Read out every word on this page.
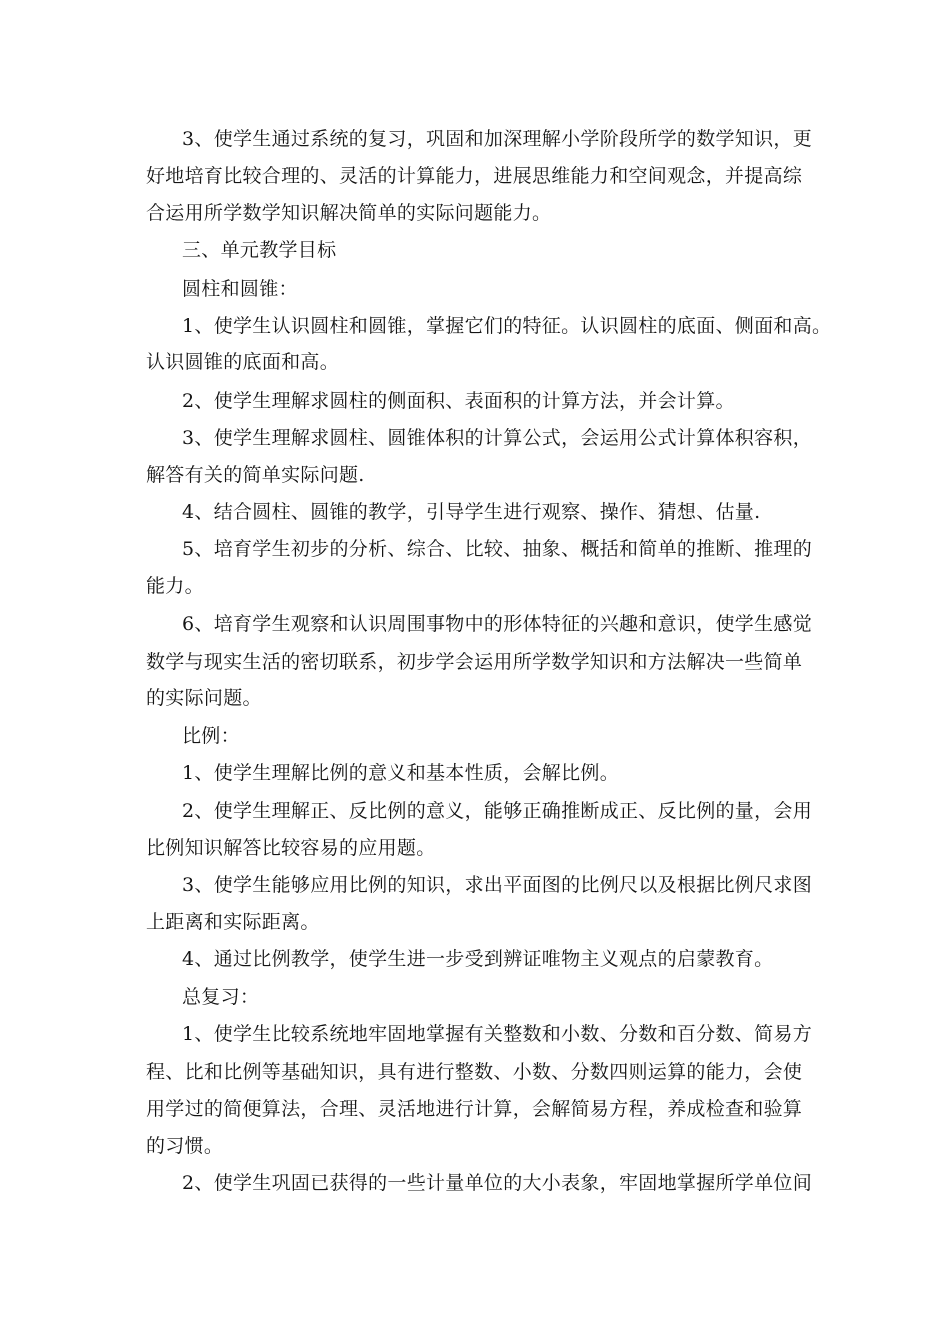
3、使学生通过系统的复习，巩固和加深理解小学阶段所学的数学知识，更
好地培育比较合理的、灵活的计算能力，进展思维能力和空间观念，并提高综
合运用所学数学知识解决简单的实际问题能力。
三、单元教学目标
圆柱和圆锥：
1、使学生认识圆柱和圆锥，掌握它们的特征。认识圆柱的底面、侧面和高。
认识圆锥的底面和高。
2、使学生理解求圆柱的侧面积、表面积的计算方法，并会计算。
3、使学生理解求圆柱、圆锥体积的计算公式，会运用公式计算体积容积，
解答有关的简单实际问题.
4、结合圆柱、圆锥的教学，引导学生进行观察、操作、猜想、估量.
5、培育学生初步的分析、综合、比较、抽象、概括和简单的推断、推理的
能力。
6、培育学生观察和认识周围事物中的形体特征的兴趣和意识，使学生感觉
数学与现实生活的密切联系，初步学会运用所学数学知识和方法解决一些简单
的实际问题。
比例：
1、使学生理解比例的意义和基本性质，会解比例。
2、使学生理解正、反比例的意义，能够正确推断成正、反比例的量，会用
比例知识解答比较容易的应用题。
3、使学生能够应用比例的知识，求出平面图的比例尺以及根据比例尺求图
上距离和实际距离。
4、通过比例教学，使学生进一步受到辨证唯物主义观点的启蒙教育。
总复习：
1、使学生比较系统地牢固地掌握有关整数和小数、分数和百分数、简易方
程、比和比例等基础知识，具有进行整数、小数、分数四则运算的能力，会使
用学过的简便算法，合理、灵活地进行计算，会解简易方程，养成检查和验算
的习惯。
2、使学生巩固已获得的一些计量单位的大小表象，牢固地掌握所学单位间
